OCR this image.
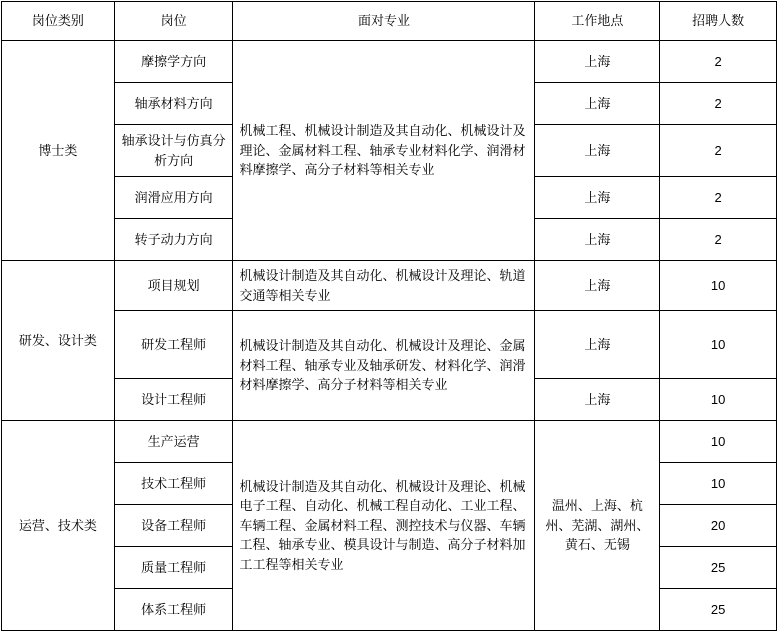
岗位类别	岗位	面对专业	工作地点	招聘人数
博士类	摩擦学方向	机械工程、机械设计制造及其自动化、机械设计及理论、金属材料工程、轴承专业材料化学、润滑材料摩擦学、高分子材料等相关专业	上海	2
	轴承材料方向		上海	2
	轴承设计与仿真分析方向		上海	2
	润滑应用方向		上海	2
	转子动力方向		上海	2
研发、设计类	项目规划	机械设计制造及其自动化、机械设计及理论、轨道交通等相关专业	上海	10
	研发工程师	机械设计制造及其自动化、机械设计及理论、金属材料工程、轴承专业及轴承研发、材料化学、润滑材料摩擦学、高分子材料等相关专业	上海	10
	设计工程师		上海	10
运营、技术类	生产运营	机械设计制造及其自动化、机械设计及理论、机械电子工程、自动化、机械工程自动化、工业工程、车辆工程、金属材料工程、测控技术与仪器、车辆工程、轴承专业、模具设计与制造、高分子材料加工工程等相关专业	温州、上海、杭州、芜湖、湖州、黄石、无锡	10
	技术工程师			10
	设备工程师			20
	质量工程师			25
	体系工程师			25
